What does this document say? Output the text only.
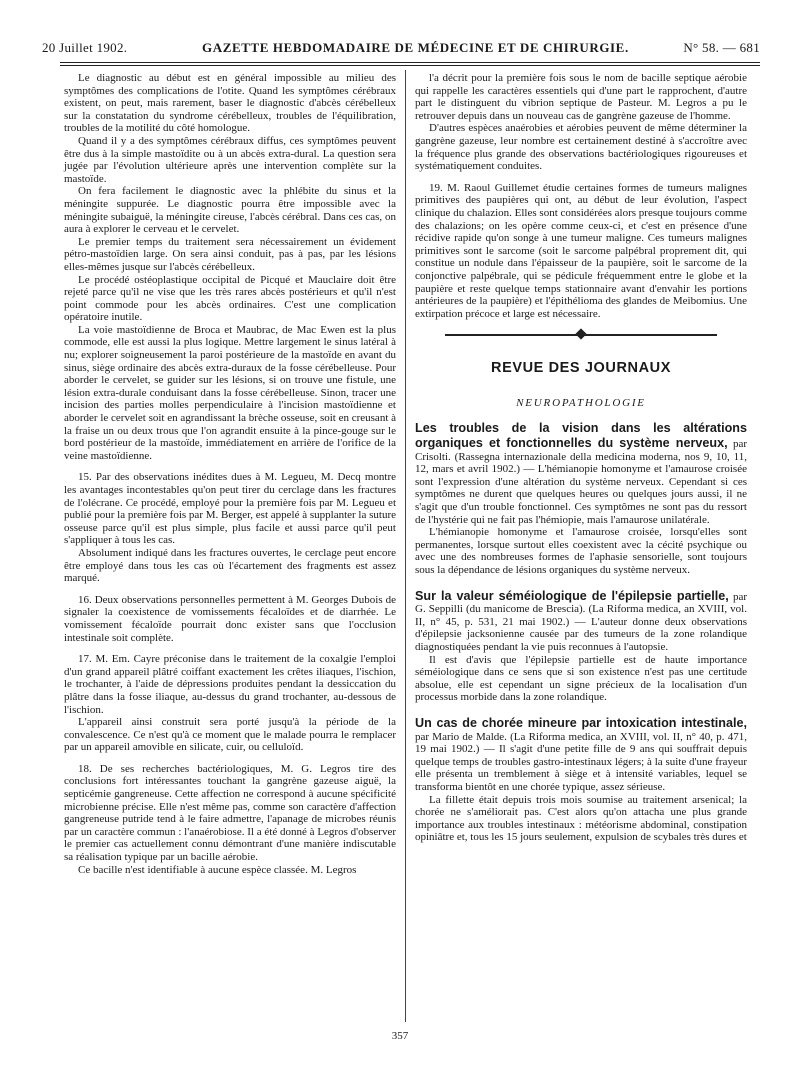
20 Juillet 1902.	GAZETTE HEBDOMADAIRE DE MÉDECINE ET DE CHIRURGIE.	N° 58. — 681

Le diagnostic au début est en général impossible au milieu des symptômes des complications de l'otite. Quand les symptômes cérébraux existent, on peut, mais rarement, baser le diagnostic d'abcès cérébelleux sur la constatation du syndrome cérébelleux, troubles de l'équilibration, troubles de la motilité du côté homologue.

Quand il y a des symptômes cérébraux diffus, ces symptômes peuvent être dus à la simple mastoïdite ou à un abcès extra-dural. La question sera jugée par l'évolution ultérieure après une intervention complète sur la mastoïde.

On fera facilement le diagnostic avec la phlébite du sinus et la méningite suppurée. Le diagnostic pourra être impossible avec la méningite subaiguë, la méningite cireuse, l'abcès cérébral. Dans ces cas, on aura à explorer le cerveau et le cervelet.

Le premier temps du traitement sera nécessairement un évidement pétro-mastoïdien large. On sera ainsi conduit, pas à pas, par les lésions elles-mêmes jusque sur l'abcès cérébelleux.

Le procédé ostéoplastique occipital de Picqué et Mauclaire doit être rejeté parce qu'il ne vise que les très rares abcès postérieurs et qu'il n'est point commode pour les abcès ordinaires. C'est une complication opératoire inutile.

La voie mastoïdienne de Broca et Maubrac, de Mac Ewen est la plus commode, elle est aussi la plus logique. Mettre largement le sinus latéral à nu; explorer soigneusement la paroi postérieure de la mastoïde en avant du sinus, siège ordinaire des abcès extra-duraux de la fosse cérébelleuse. Pour aborder le cervelet, se guider sur les lésions, si on trouve une fistule, une lésion extra-durale conduisant dans la fosse cérébelleuse. Sinon, tracer une incision des parties molles perpendiculaire à l'incision mastoïdienne et aborder le cervelet soit en agrandissant la brèche osseuse, soit en creusant à la fraise un ou deux trous que l'on agrandit ensuite à la pince-gouge sur le bord postérieur de la mastoïde, immédiatement en arrière de l'orifice de la veine mastoïdienne.

15. Par des observations inédites dues à M. Legueu, M. Decq montre les avantages incontestables qu'on peut tirer du cerclage dans les fractures de l'olécrane. Ce procédé, employé pour la première fois par M. Legueu et publié pour la première fois par M. Berger, est appelé à supplanter la suture osseuse parce qu'il est plus simple, plus facile et aussi parce qu'il peut s'appliquer à tous les cas.

Absolument indiqué dans les fractures ouvertes, le cerclage peut encore être employé dans tous les cas où l'écartement des fragments est assez marqué.

16. Deux observations personnelles permettent à M. Georges Dubois de signaler la coexistence de vomissements fécaloïdes et de diarrhée. Le vomissement fécaloïde pourrait donc exister sans que l'occlusion intestinale soit complète.

17. M. Em. Cayre préconise dans le traitement de la coxalgie l'emploi d'un grand appareil plâtré coiffant exactement les crêtes iliaques, l'ischion, le trochanter, à l'aide de dépressions produites pendant la dessiccation du plâtre dans la fosse iliaque, au-dessus du grand trochanter, au-dessous de l'ischion.

L'appareil ainsi construit sera porté jusqu'à la période de la convalescence. Ce n'est qu'à ce moment que le malade pourra le remplacer par un appareil amovible en silicate, cuir, ou celluloïd.

18. De ses recherches bactériologiques, M. G. Legros tire des conclusions fort intéressantes touchant la gangrène gazeuse aiguë, la septicémie gangreneuse. Cette affection ne correspond à aucune spécificité microbienne précise. Elle n'est même pas, comme son caractère d'affection gangreneuse putride tend à le faire admettre, l'apanage de microbes réunis par un caractère commun : l'anaérobiose. Il a été donné à Legros d'observer le premier cas actuellement connu démontrant d'une manière indiscutable sa réalisation typique par un bacille aérobie.

Ce bacille n'est identifiable à aucune espèce classée. M. Legros

l'a décrit pour la première fois sous le nom de bacille septique aérobie qui rappelle les caractères essentiels qui d'une part le rapprochent, d'autre part le distinguent du vibrion septique de Pasteur. M. Legros a pu le retrouver depuis dans un nouveau cas de gangrène gazeuse de l'homme.

D'autres espèces anaérobies et aérobies peuvent de même déterminer la gangrène gazeuse, leur nombre est certainement destiné à s'accroître avec la fréquence plus grande des observations bactériologiques rigoureuses et systématiquement conduites.

19. M. Raoul Guillemet étudie certaines formes de tumeurs malignes primitives des paupières qui ont, au début de leur évolution, l'aspect clinique du chalazion. Elles sont considérées alors presque toujours comme des chalazions; on les opère comme ceux-ci, et c'est en présence d'une récidive rapide qu'on songe à une tumeur maligne. Ces tumeurs malignes primitives sont le sarcome (soit le sarcome palpébral proprement dit, qui constitue un nodule dans l'épaisseur de la paupière, soit le sarcome de la conjonctive palpébrale, qui se pédicule fréquemment entre le globe et la paupière et reste quelque temps stationnaire avant d'envahir les portions antérieures de la paupière) et l'épithélioma des glandes de Meibomius. Une extirpation précoce et large est nécessaire.

REVUE DES JOURNAUX
NEUROPATHOLOGIE

Les troubles de la vision dans les altérations organiques et fonctionnelles du système nerveux, par Crisolti. (Rassegna internazionale della medicina moderna, nos 9, 10, 11, 12, mars et avril 1902.) — L'hémianopie homonyme et l'amaurose croisée sont l'expression d'une altération du système nerveux. Cependant si ces symptômes ne durent que quelques heures ou quelques jours aussi, il ne s'agit que d'un trouble fonctionnel. Ces symptômes ne sont pas du ressort de l'hystérie qui ne fait pas l'hémiopie, mais l'amaurose unilatérale.

L'hémianopie homonyme et l'amaurose croisée, lorsqu'elles sont permanentes, lorsque surtout elles coexistent avec la cécité psychique ou avec une des nombreuses formes de l'aphasie sensorielle, sont toujours sous la dépendance de lésions organiques du système nerveux.

Sur la valeur séméiologique de l'épilepsie partielle, par G. Seppilli (du manicome de Brescia). (La Riforma medica, an XVIII, vol. II, n° 45, p. 531, 21 mai 1902.) — L'auteur donne deux observations d'épilepsie jacksonienne causée par des tumeurs de la zone rolandique diagnostiquées pendant la vie puis reconnues à l'autopsie.

Il est d'avis que l'épilepsie partielle est de haute importance séméiologique dans ce sens que si son existence n'est pas une certitude absolue, elle est cependant un signe précieux de la localisation d'un processus morbide dans la zone rolandique.

Un cas de chorée mineure par intoxication intestinale, par Mario de Malde. (La Riforma medica, an XVIII, vol. II, n° 40, p. 471, 19 mai 1902.) — Il s'agit d'une petite fille de 9 ans qui souffrait depuis quelque temps de troubles gastro-intestinaux légers; à la suite d'une frayeur elle présenta un tremblement à siège et à intensité variables, lequel se transforma bientôt en une chorée typique, assez sérieuse.

La fillette était depuis trois mois soumise au traitement arsenical; la chorée ne s'améliorait pas. C'est alors qu'on attacha une plus grande importance aux troubles intestinaux : météorisme abdominal, constipation opiniâtre et, tous les 15 jours seulement, expulsion de scybales très dures et

357
